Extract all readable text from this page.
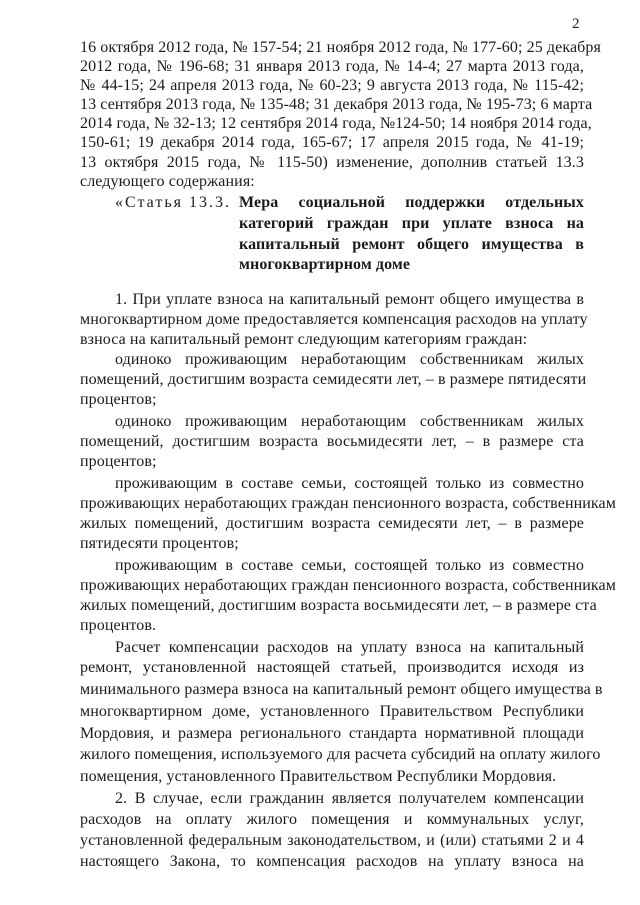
2
16 октября 2012 года, № 157-54; 21 ноября 2012 года, № 177-60; 25 декабря
2012 года, № 196-68; 31 января 2013 года, № 14-4; 27 марта 2013 года,
№ 44-15; 24 апреля 2013 года, № 60-23; 9 августа 2013 года, № 115-42;
13 сентября 2013 года, № 135-48; 31 декабря 2013 года, № 195-73; 6 марта
2014 года, № 32-13; 12 сентября 2014 года, №124-50; 14 ноября 2014 года,
150-61; 19 декабря 2014 года, 165-67; 17 апреля 2015 года, № 41-19;
13 октября 2015 года, № 115-50) изменение, дополнив статьей 13.3
следующего содержания:
«Статья 13.3. Мера социальной поддержки отдельных
категорий граждан при уплате взноса на
капитальный ремонт общего имущества в
многоквартирном доме
1. При уплате взноса на капитальный ремонт общего имущества в
многоквартирном доме предоставляется компенсация расходов на уплату
взноса на капитальный ремонт следующим категориям граждан:
одиноко проживающим неработающим собственникам жилых
помещений, достигшим возраста семидесяти лет, – в размере пятидесяти
процентов;
одиноко проживающим неработающим собственникам жилых
помещений, достигшим возраста восьмидесяти лет, – в размере ста
процентов;
проживающим в составе семьи, состоящей только из совместно
проживающих неработающих граждан пенсионного возраста, собственникам
жилых помещений, достигшим возраста семидесяти лет, – в размере
пятидесяти процентов;
проживающим в составе семьи, состоящей только из совместно
проживающих неработающих граждан пенсионного возраста, собственникам
жилых помещений, достигшим возраста восьмидесяти лет, – в размере ста
процентов.
Расчет компенсации расходов на уплату взноса на капитальный
ремонт, установленной настоящей статьей, производится исходя из
минимального размера взноса на капитальный ремонт общего имущества в
многоквартирном доме, установленного Правительством Республики
Мордовия, и размера регионального стандарта нормативной площади
жилого помещения, используемого для расчета субсидий на оплату жилого
помещения, установленного Правительством Республики Мордовия.
2. В случае, если гражданин является получателем компенсации
расходов на оплату жилого помещения и коммунальных услуг,
установленной федеральным законодательством, и (или) статьями 2 и 4
настоящего Закона, то компенсация расходов на уплату взноса на
